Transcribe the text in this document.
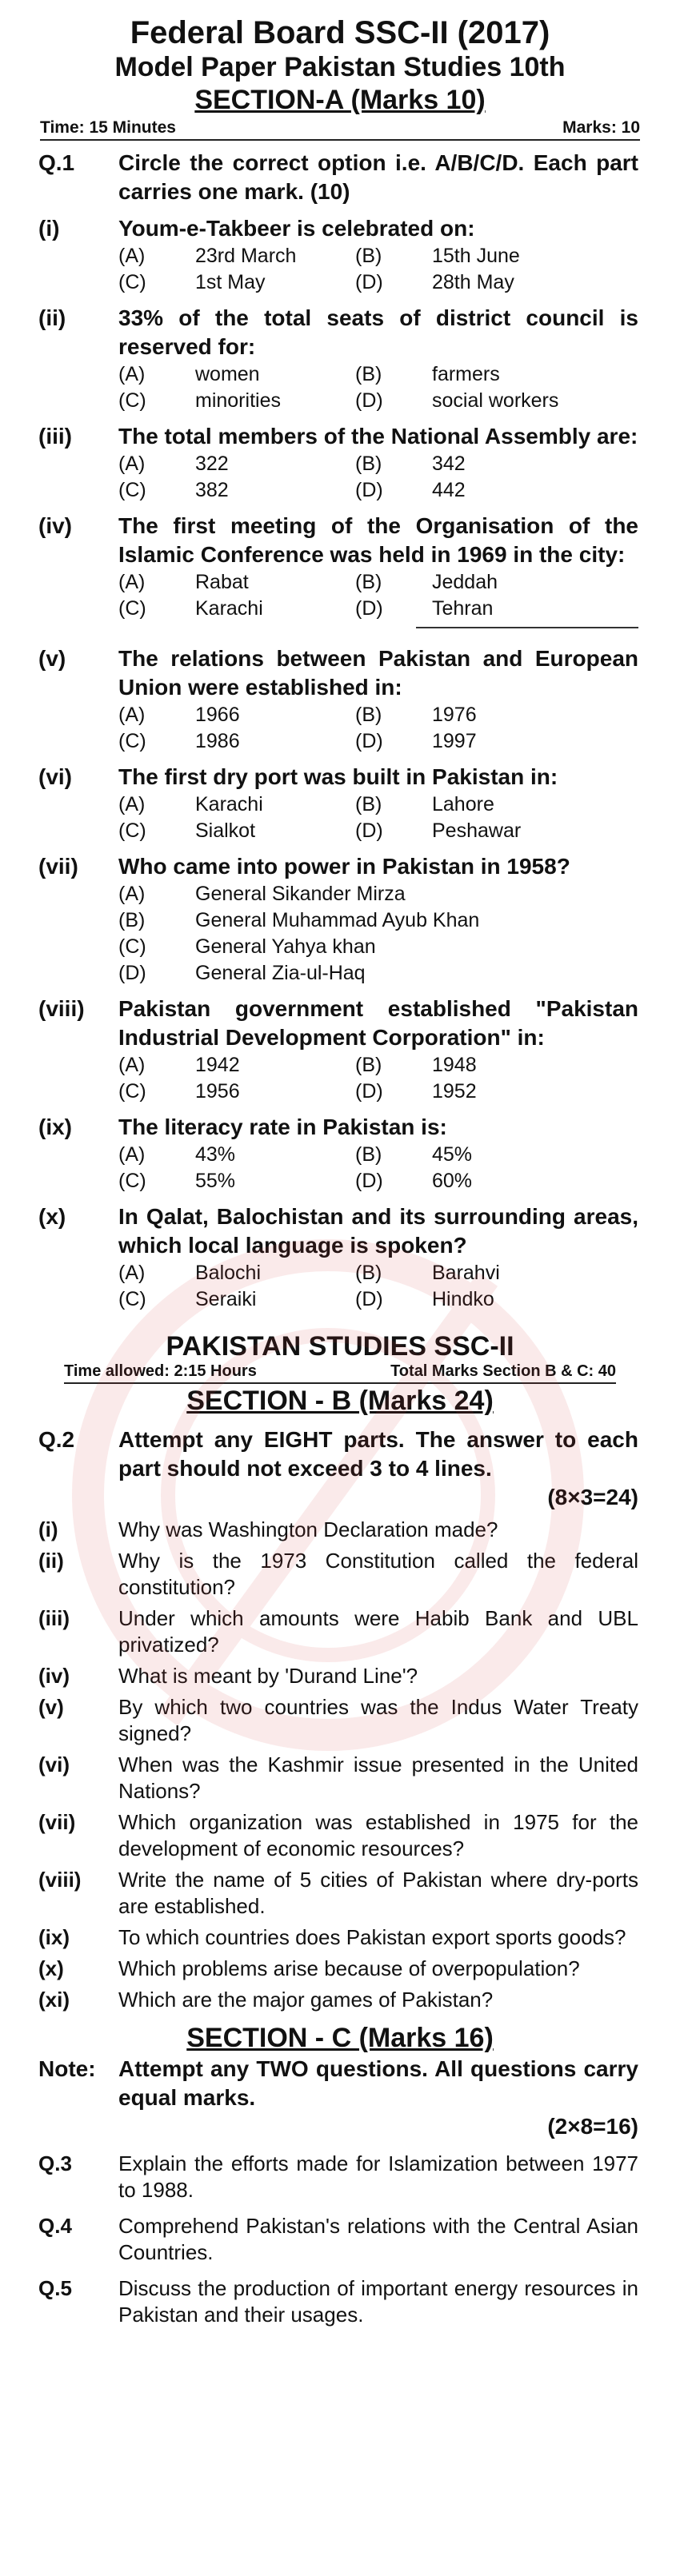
Federal Board SSC-II (2017)
Model Paper Pakistan Studies 10th
SECTION-A (Marks 10)
Time: 15 Minutes	Marks: 10
Q.1	Circle the correct option i.e. A/B/C/D. Each part carries one mark. (10)
(i)	Youm-e-Takbeer is celebrated on:
(A)	23rd March	(B)	15th June
(C)	1st May	(D)	28th May
(ii)	33% of the total seats of district council is reserved for:
(A)	women	(B)	farmers
(C)	minorities	(D)	social workers
(iii)	The total members of the National Assembly are:
(A)	322	(B)	342
(C)	382	(D)	442
(iv)	The first meeting of the Organisation of the Islamic Conference was held in 1969 in the city:
(A)	Rabat	(B)	Jeddah
(C)	Karachi	(D)	Tehran
(v)	The relations between Pakistan and European Union were established in:
(A)	1966	(B)	1976
(C)	1986	(D)	1997
(vi)	The first dry port was built in Pakistan in:
(A)	Karachi	(B)	Lahore
(C)	Sialkot	(D)	Peshawar
(vii)	Who came into power in Pakistan in 1958?
(A)	General Sikander Mirza
(B)	General Muhammad Ayub Khan
(C)	General Yahya khan
(D)	General Zia-ul-Haq
(viii)	Pakistan government established "Pakistan Industrial Development Corporation" in:
(A)	1942	(B)	1948
(C)	1956	(D)	1952
(ix)	The literacy rate in Pakistan is:
(A)	43%	(B)	45%
(C)	55%	(D)	60%
(x)	In Qalat, Balochistan and its surrounding areas, which local language is spoken?
(A)	Balochi	(B)	Barahvi
(C)	Seraiki	(D)	Hindko
PAKISTAN STUDIES SSC-II
Time allowed: 2:15 Hours	Total Marks Section B & C: 40
SECTION - B (Marks 24)
Q.2	Attempt any EIGHT parts. The answer to each part should not exceed 3 to 4 lines.
(8×3=24)
(i)	Why was Washington Declaration made?
(ii)	Why is the 1973 Constitution called the federal constitution?
(iii)	Under which amounts were Habib Bank and UBL privatized?
(iv)	What is meant by 'Durand Line'?
(v)	By which two countries was the Indus Water Treaty signed?
(vi)	When was the Kashmir issue presented in the United Nations?
(vii)	Which organization was established in 1975 for the development of economic resources?
(viii)	Write the name of 5 cities of Pakistan where dry-ports are established.
(ix)	To which countries does Pakistan export sports goods?
(x)	Which problems arise because of overpopulation?
(xi)	Which are the major games of Pakistan?
SECTION - C (Marks 16)
Note:	Attempt any TWO questions. All questions carry equal marks.
(2×8=16)
Q.3	Explain the efforts made for Islamization between 1977 to 1988.
Q.4	Comprehend Pakistan's relations with the Central Asian Countries.
Q.5	Discuss the production of important energy resources in Pakistan and their usages.
